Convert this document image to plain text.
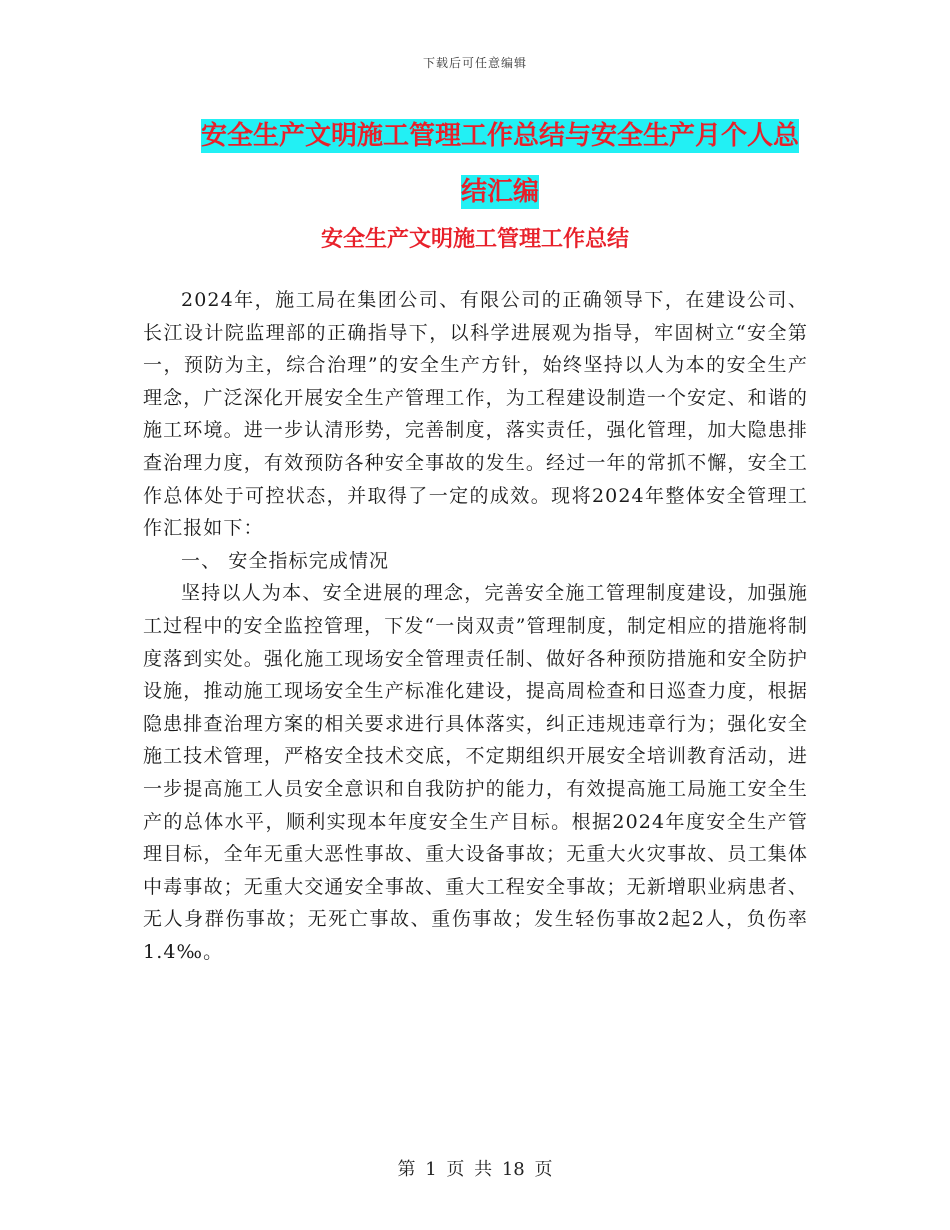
下载后可任意编辑
安全生产文明施工管理工作总结与安全生产月个人总
结汇编
安全生产文明施工管理工作总结

2024年，施工局在集团公司、有限公司的正确领导下，在建设公司、长江设计院监理部的正确指导下，以科学进展观为指导，牢固树立“安全第一，预防为主，综合治理”的安全生产方针，始终坚持以人为本的安全生产理念，广泛深化开展安全生产管理工作，为工程建设制造一个安定、和谐的施工环境。进一步认清形势，完善制度，落实责任，强化管理，加大隐患排查治理力度，有效预防各种安全事故的发生。经过一年的常抓不懈，安全工作总体处于可控状态，并取得了一定的成效。现将2024年整体安全管理工作汇报如下：

一、 安全指标完成情况

坚持以人为本、安全进展的理念，完善安全施工管理制度建设，加强施工过程中的安全监控管理，下发“一岗双责”管理制度，制定相应的措施将制度落到实处。强化施工现场安全管理责任制、做好各种预防措施和安全防护设施，推动施工现场安全生产标准化建设，提高周检查和日巡查力度，根据隐患排查治理方案的相关要求进行具体落实，纠正违规违章行为；强化安全施工技术管理，严格安全技术交底，不定期组织开展安全培训教育活动，进一步提高施工人员安全意识和自我防护的能力，有效提高施工局施工安全生产的总体水平，顺利实现本年度安全生产目标。根据2024年度安全生产管理目标，全年无重大恶性事故、重大设备事故；无重大火灾事故、员工集体中毒事故；无重大交通安全事故、重大工程安全事故；无新增职业病患者、无人身群伤事故；无死亡事故、重伤事故；发生轻伤事故2起2人，负伤率1.4‰。

第 1 页 共 18 页
